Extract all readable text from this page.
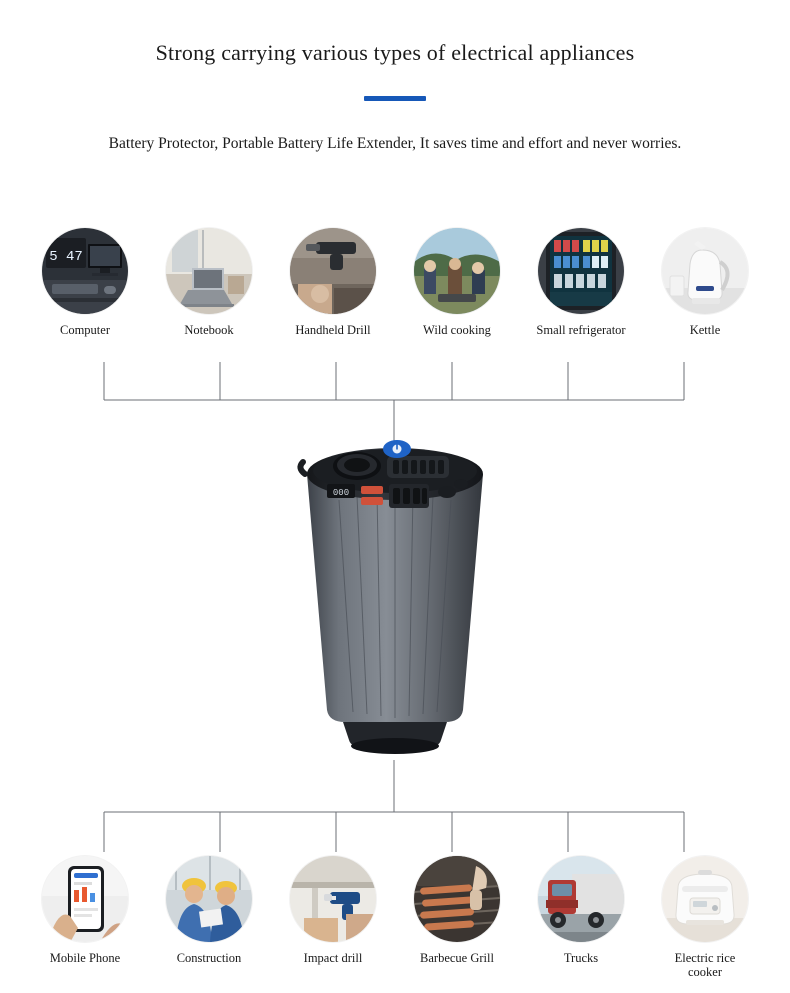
Strong carrying various types of electrical appliances
Battery Protector, Portable Battery Life Extender, It saves time and effort and never worries.
5 47
Computer	Notebook	Handheld Drill	Wild cooking	Small refrigerator	Kettle
000
Mobile Phone	Construction	Impact drill	Barbecue Grill	Trucks	Electric rice cooker
